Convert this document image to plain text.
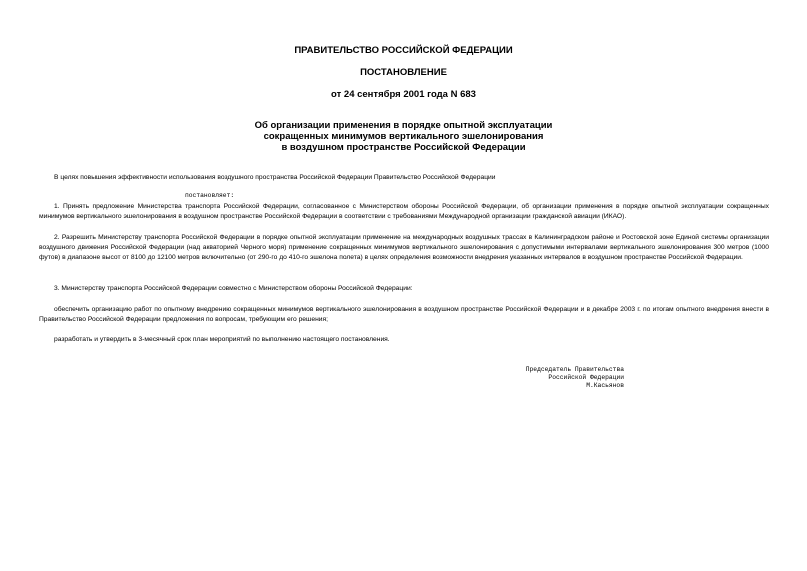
ПРАВИТЕЛЬСТВО РОССИЙСКОЙ ФЕДЕРАЦИИ
ПОСТАНОВЛЕНИЕ
от 24 сентября 2001 года N 683
Об организации применения в порядке опытной эксплуатации
сокращенных минимумов вертикального эшелонирования
в воздушном пространстве Российской Федерации
В целях повышения эффективности использования воздушного пространства Российской Федерации Правительство Российской Федерации
постановляет:
1. Принять предложение Министерства транспорта Российской Федерации, согласованное с Министерством обороны Российской Федерации, об организации применения в порядке опытной эксплуатации сокращенных минимумов вертикального эшелонирования в воздушном пространстве Российской Федерации в соответствии с требованиями Международной организации гражданской авиации (ИКАО).
2. Разрешить Министерству транспорта Российской Федерации в порядке опытной эксплуатации применение на международных воздушных трассах в Калининградском районе и Ростовской зоне Единой системы организации воздушного движения Российской Федерации (над акваторией Черного моря) применение сокращенных минимумов вертикального эшелонирования с допустимыми интервалами вертикального эшелонирования 300 метров (1000 футов) в диапазоне высот от 8100 до 12100 метров включительно (от 290-го до 410-го эшелона полета) в целях определения возможности внедрения указанных интервалов в воздушном пространстве Российской Федерации.
3. Министерству транспорта Российской Федерации совместно с Министерством обороны Российской Федерации:
обеспечить организацию работ по опытному внедрению сокращенных минимумов вертикального эшелонирования в воздушном пространстве Российской Федерации и в декабре 2003 г. по итогам опытного внедрения внести в Правительство Российской Федерации предложения по вопросам, требующим его решения;
разработать и утвердить в 3-месячный срок план мероприятий по выполнению настоящего постановления.
Председатель Правительства
Российской Федерации
М.Касьянов
